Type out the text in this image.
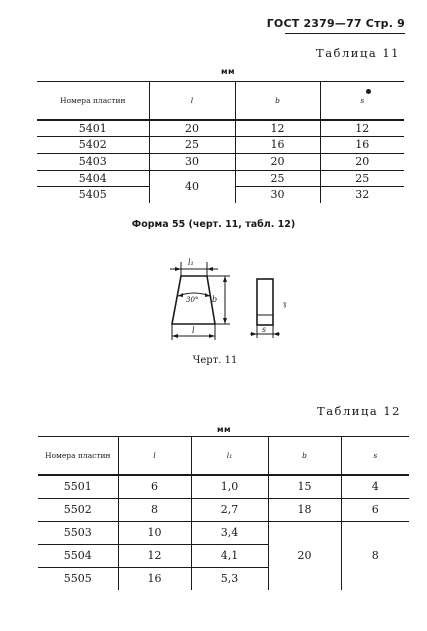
ГОСТ 2379—77 Стр. 9
Таблица 11
мм
Номера пластин	l	b	s
5401	20	12	12
5402	25	16	16
5403	30	20	20
5404	40	25	25
5405		30	32
Форма 55 (черт. 11, табл. 12)
l₁
30° b
l	s
ɣ
Черт. 11
Таблица 12
мм
Номера пластин	l	l₁	b	s
5501	6	1,0	15	4
5502	8	2,7	18	6
5503	10	3,4	20	8
5504	12	4,1		
5505	16	5,3		
